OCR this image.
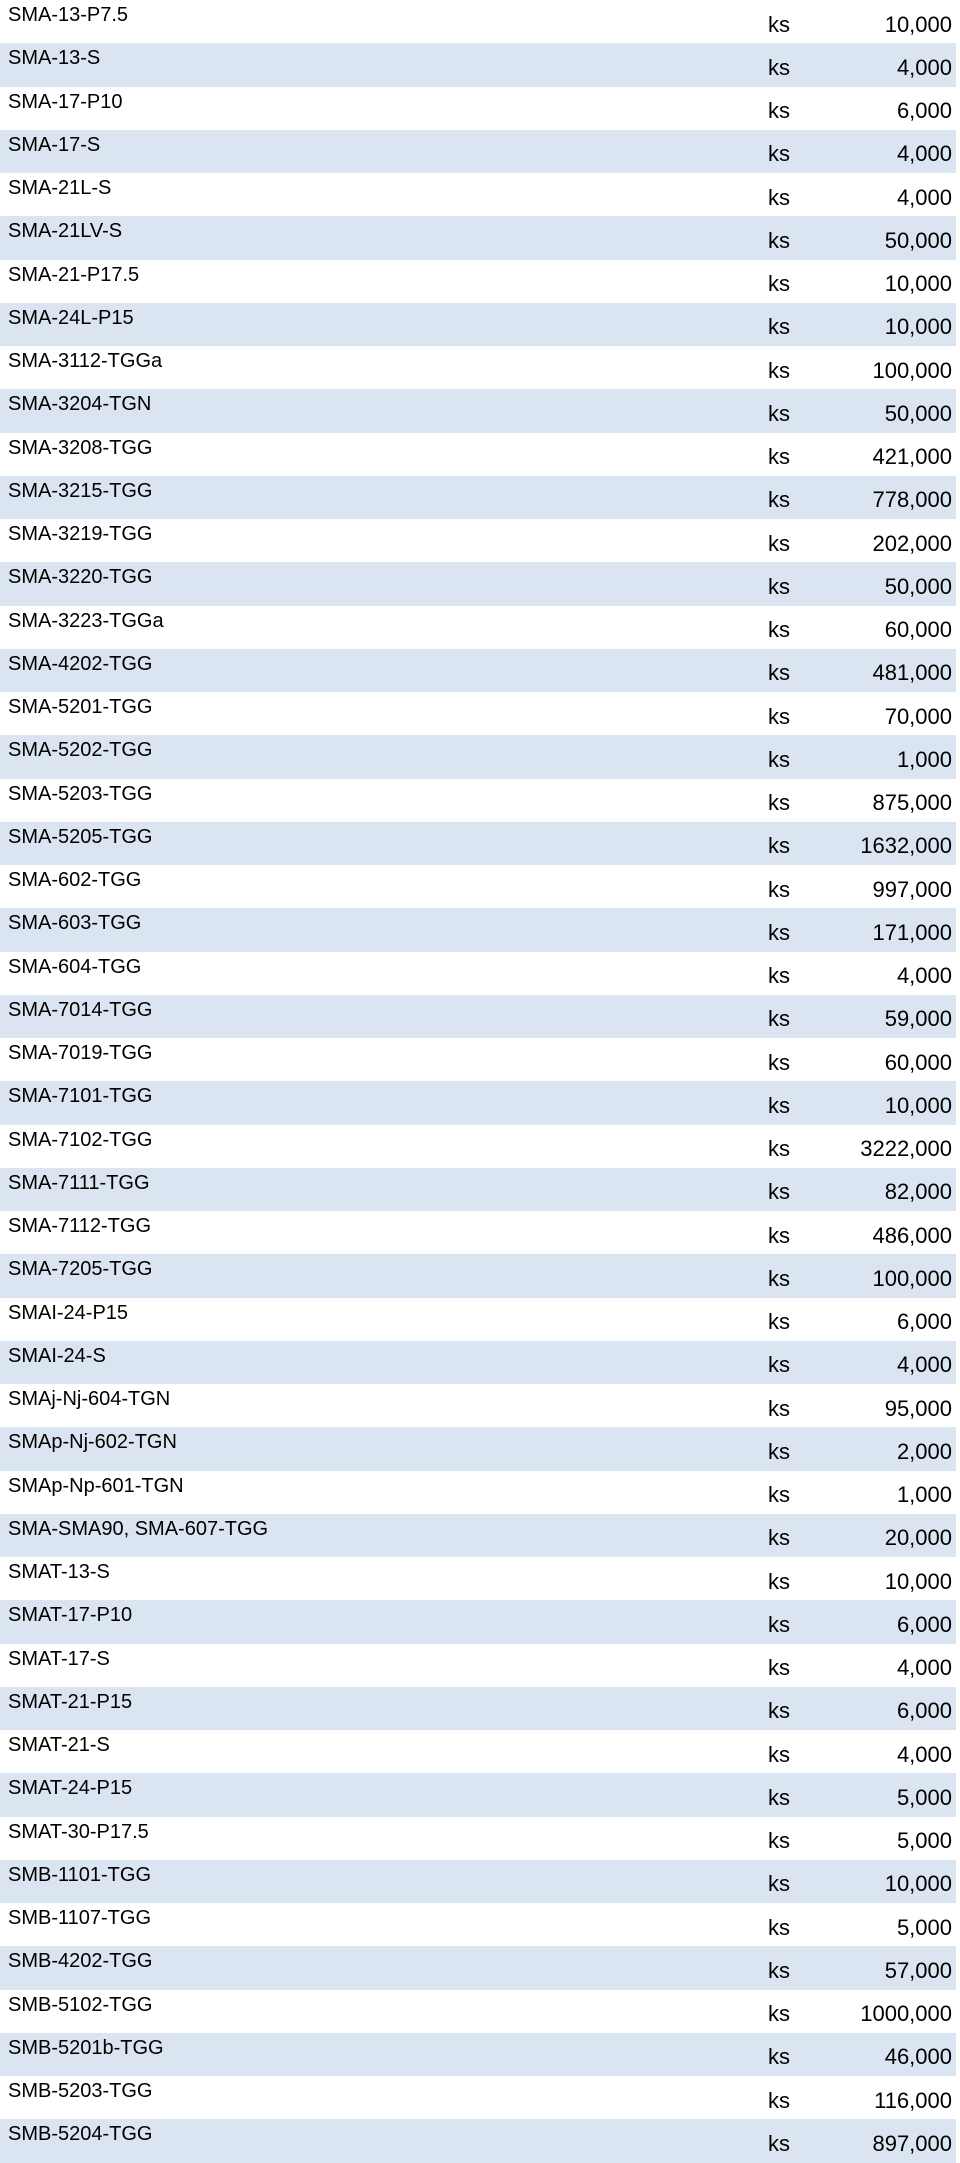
SMA-13-P7.5	ks	10,000
SMA-13-S	ks	4,000
SMA-17-P10	ks	6,000
SMA-17-S	ks	4,000
SMA-21L-S	ks	4,000
SMA-21LV-S	ks	50,000
SMA-21-P17.5	ks	10,000
SMA-24L-P15	ks	10,000
SMA-3112-TGGa	ks	100,000
SMA-3204-TGN	ks	50,000
SMA-3208-TGG	ks	421,000
SMA-3215-TGG	ks	778,000
SMA-3219-TGG	ks	202,000
SMA-3220-TGG	ks	50,000
SMA-3223-TGGa	ks	60,000
SMA-4202-TGG	ks	481,000
SMA-5201-TGG	ks	70,000
SMA-5202-TGG	ks	1,000
SMA-5203-TGG	ks	875,000
SMA-5205-TGG	ks	1632,000
SMA-602-TGG	ks	997,000
SMA-603-TGG	ks	171,000
SMA-604-TGG	ks	4,000
SMA-7014-TGG	ks	59,000
SMA-7019-TGG	ks	60,000
SMA-7101-TGG	ks	10,000
SMA-7102-TGG	ks	3222,000
SMA-7111-TGG	ks	82,000
SMA-7112-TGG	ks	486,000
SMA-7205-TGG	ks	100,000
SMAI-24-P15	ks	6,000
SMAI-24-S	ks	4,000
SMAj-Nj-604-TGN	ks	95,000
SMAp-Nj-602-TGN	ks	2,000
SMAp-Np-601-TGN	ks	1,000
SMA-SMA90, SMA-607-TGG	ks	20,000
SMAT-13-S	ks	10,000
SMAT-17-P10	ks	6,000
SMAT-17-S	ks	4,000
SMAT-21-P15	ks	6,000
SMAT-21-S	ks	4,000
SMAT-24-P15	ks	5,000
SMAT-30-P17.5	ks	5,000
SMB-1101-TGG	ks	10,000
SMB-1107-TGG	ks	5,000
SMB-4202-TGG	ks	57,000
SMB-5102-TGG	ks	1000,000
SMB-5201b-TGG	ks	46,000
SMB-5203-TGG	ks	116,000
SMB-5204-TGG	ks	897,000
